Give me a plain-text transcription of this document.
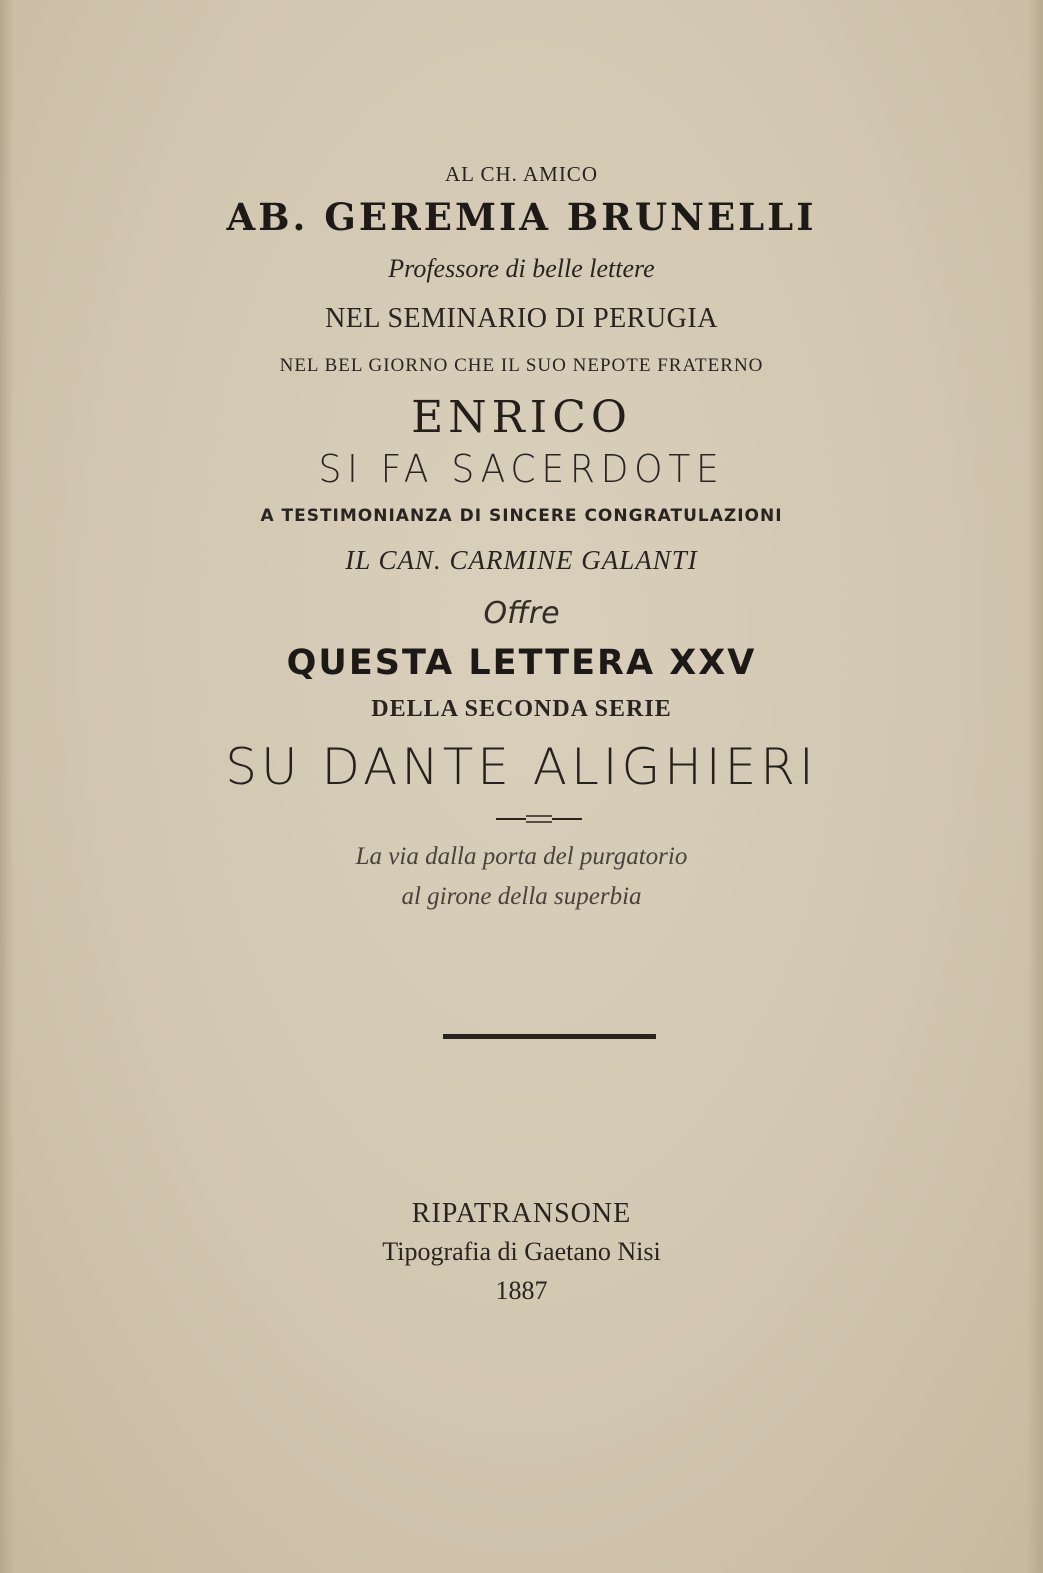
AL CH. AMICO
AB. GEREMIA BRUNELLI
Professore di belle lettere
NEL SEMINARIO DI PERUGIA
NEL BEL GIORNO CHE IL SUO NEPOTE FRATERNO
ENRICO
SI FA SACERDOTE
A TESTIMONIANZA DI SINCERE CONGRATULAZIONI
IL CAN. CARMINE GALANTI
Offre
QUESTA LETTERA XXV
DELLA SECONDA SERIE
SU DANTE ALIGHIERI
La via dalla porta del purgatorio
al girone della superbia
RIPATRANSONE
Tipografia di Gaetano Nisi
1887
